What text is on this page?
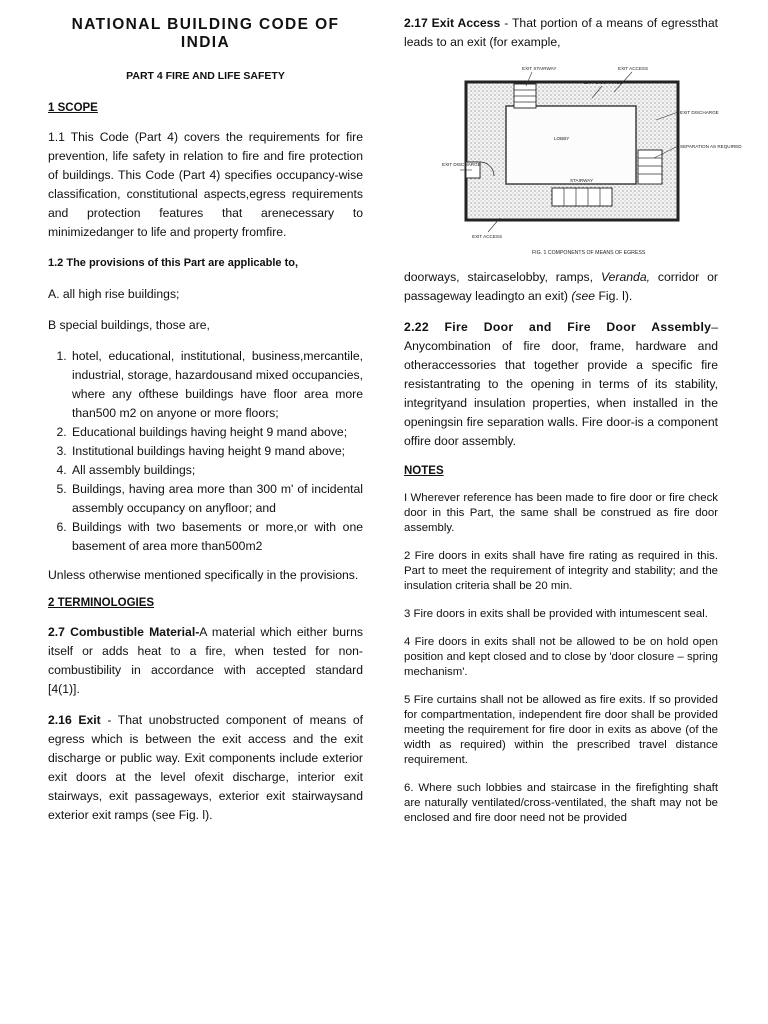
NATIONAL BUILDING CODE OF INDIA
PART 4 FIRE AND LIFE SAFETY
1 SCOPE

1.1 This Code (Part 4) covers the requirements for fire prevention, life safety in relation to fire and fire protection of buildings. This Code (Part 4) specifies occupancy-wise classification, constitutional aspects,egress requirements and protection features that arenecessary to minimizedanger to life and property fromfire.

1.2 The provisions of this Part are applicable to,

A. all high rise buildings;

B special buildings, those are,

1. hotel, educational, institutional, business,mercantile, industrial, storage, hazardousand mixed occupancies, where any ofthese buildings have floor area more than500 m2 on anyone or more floors;
2. Educational buildings having height 9 mand above;
3. Institutional buildings having height 9 mand above;
4. All assembly buildings;
5. Buildings, having area more than 300 m' of incidental assembly occupancy on anyfloor; and
6. Buildings with two basements or more,or with one basement of area more than500m2

Unless otherwise mentioned specifically in the provisions.

2 TERMINOLOGIES

2.7 Combustible Material-A material which either burns itself or adds heat to a fire, when tested for non-combustibility in accordance with accepted standard [4(1)].

2.16 Exit - That unobstructed component of means of egress which is between the exit access and the exit discharge or public way. Exit components include exterior exit doors at the level ofexit discharge, interior exit stairways, exit passageways, exterior exit stairwaysand exterior exit ramps (see Fig. l).

2.17 Exit Access - That portion of a means of egressthat leads to an exit (for example,

EXIT STAIRWAY	EXIT ACCESS
EXIT DISCHARGE
LOBBY
EXIT DISCHARGE
SEPARATION AS REQUIRED
EXIT DISCHARGE
STAIRWAY
EXIT ACCESS
FIG. 1 COMPONENTS OF MEANS OF EGRESS

doorways, staircaselobby, ramps, Veranda, corridor or passageway leadingto an exit) (see Fig. l).

2.22 Fire Door and Fire Door Assembly– Anycombination of fire door, frame, hardware and otheraccessories that together provide a specific fire resistantrating to the opening in terms of its stability, integrityand insulation properties, when installed in the openingsin fire separation walls. Fire door-is a component offire door assembly.

NOTES

I Wherever reference has been made to fire door or fire check door in this Part, the same shall be construed as fire door assembly.

2 Fire doors in exits shall have fire rating as required in this. Part to meet the requirement of integrity and stability; and the insulation criteria shall be 20 min.

3 Fire doors in exits shall be provided with intumescent seal.

4 Fire doors in exits shall not be allowed to be on hold open position and kept closed and to close by 'door closure – spring mechanism'.

5 Fire curtains shall not be allowed as fire exits. If so provided for compartmentation, independent fire door shall be provided meeting the requirement for fire door in exits as above (of the width as required) within the prescribed travel distance requirement.

6. Where such lobbies and staircase in the firefighting shaft are naturally ventilated/cross-ventilated, the shaft may not be enclosed and fire door need not be provided
